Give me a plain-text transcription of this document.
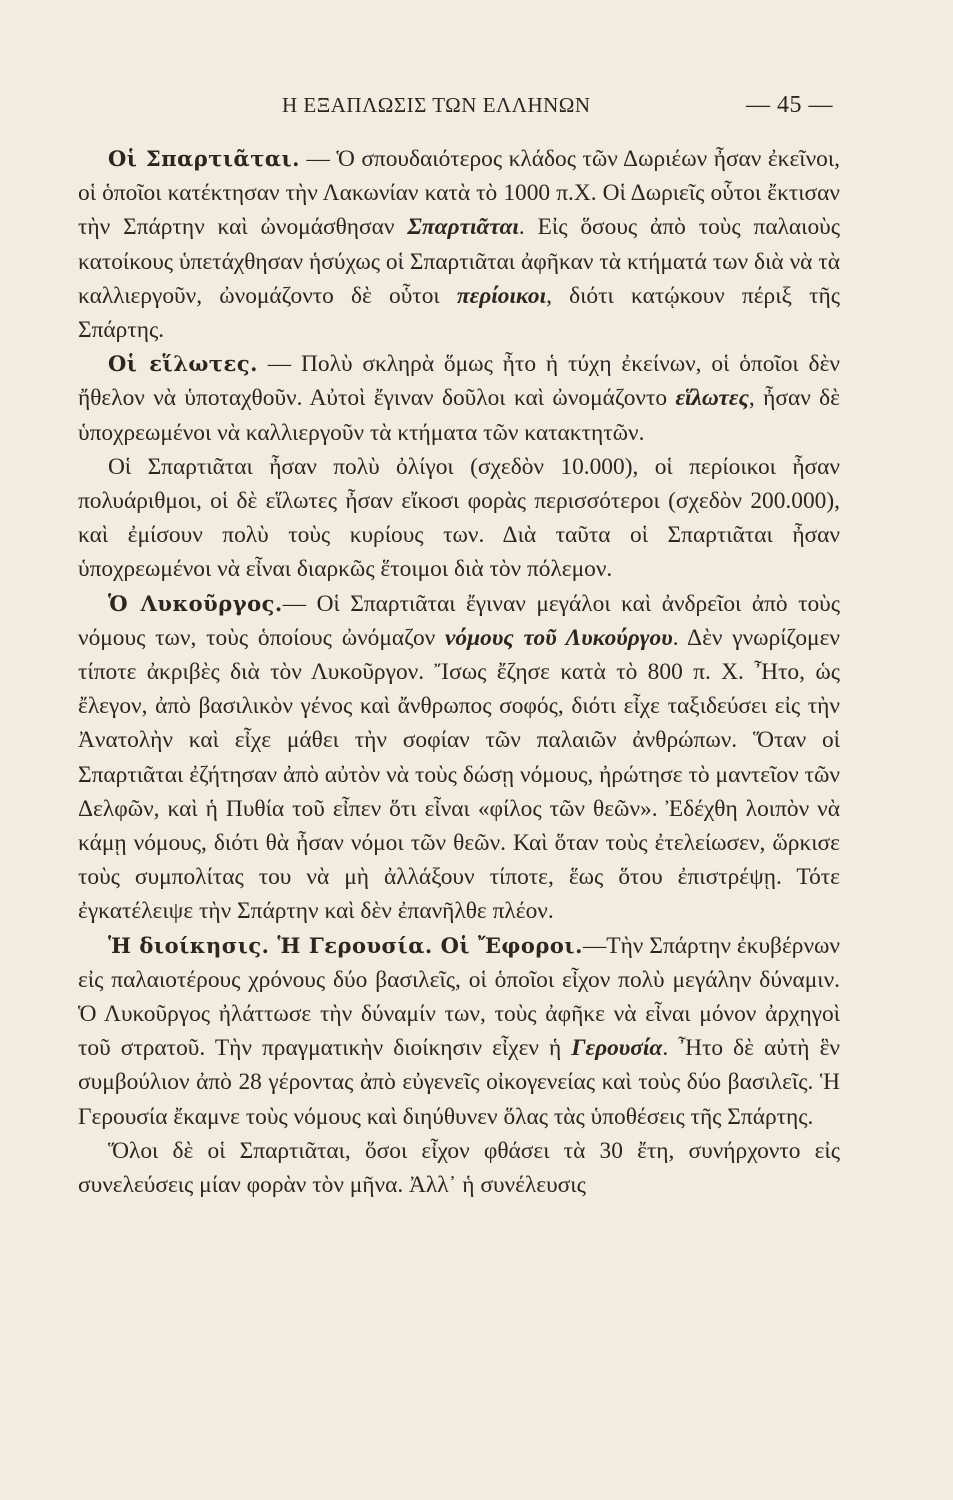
Η ΕΞΑΠΛΩΣΙΣ ΤΩΝ ΕΛΛΗΝΩΝ	— 45 —

Οἱ Σπαρτιᾶται. — Ὁ σπουδαιότερος κλάδος τῶν Δωριέων ἦσαν ἐκεῖνοι, οἱ ὁποῖοι κατέκτησαν τὴν Λακωνίαν κατὰ τὸ 1000 π.Χ. Οἱ Δωριεῖς οὗτοι ἔκτισαν τὴν Σπάρτην καὶ ὠνομάσθησαν Σπαρτιᾶται. Εἰς ὅσους ἀπὸ τοὺς παλαιοὺς κατοίκους ὑπετάχθησαν ἡσύχως οἱ Σπαρτιᾶται ἀφῆκαν τὰ κτήματά των διὰ νὰ τὰ καλλιεργοῦν, ὠνομάζοντο δὲ οὗτοι περίοικοι, διότι κατῴκουν πέριξ τῆς Σπάρτης.

Οἱ εἵλωτες. — Πολὺ σκληρὰ ὅμως ἦτο ἡ τύχη ἐκείνων, οἱ ὁποῖοι δὲν ἤθελον νὰ ὑποταχθοῦν. Αὐτοὶ ἔγιναν δοῦλοι καὶ ὠνομάζοντο εἵλωτες, ἦσαν δὲ ὑποχρεωμένοι νὰ καλλιεργοῦν τὰ κτήματα τῶν κατακτητῶν.

Οἱ Σπαρτιᾶται ἦσαν πολὺ ὀλίγοι (σχεδὸν 10.000), οἱ περίοικοι ἦσαν πολυάριθμοι, οἱ δὲ εἵλωτες ἦσαν εἴκοσι φορὰς περισσότεροι (σχεδὸν 200.000), καὶ ἐμίσουν πολὺ τοὺς κυρίους των. Διὰ ταῦτα οἱ Σπαρτιᾶται ἦσαν ὑποχρεωμένοι νὰ εἶναι διαρκῶς ἕτοιμοι διὰ τὸν πόλεμον.

Ὁ Λυκοῦργος.— Οἱ Σπαρτιᾶται ἔγιναν μεγάλοι καὶ ἀνδρεῖοι ἀπὸ τοὺς νόμους των, τοὺς ὁποίους ὠνόμαζον νόμους τοῦ Λυκούργου. Δὲν γνωρίζομεν τίποτε ἀκριβὲς διὰ τὸν Λυκοῦργον. Ἴσως ἔζησε κατὰ τὸ 800 π. Χ. Ἦτο, ὡς ἔλεγον, ἀπὸ βασιλικὸν γένος καὶ ἄνθρωπος σοφός, διότι εἶχε ταξιδεύσει εἰς τὴν Ἀνατολὴν καὶ εἶχε μάθει τὴν σοφίαν τῶν παλαιῶν ἀνθρώπων. Ὅταν οἱ Σπαρτιᾶται ἐζήτησαν ἀπὸ αὐτὸν νὰ τοὺς δώσῃ νόμους, ἠρώτησε τὸ μαντεῖον τῶν Δελφῶν, καὶ ἡ Πυθία τοῦ εἶπεν ὅτι εἶναι «φίλος τῶν θεῶν». Ἐδέχθη λοιπὸν νὰ κάμῃ νόμους, διότι θὰ ἦσαν νόμοι τῶν θεῶν. Καὶ ὅταν τοὺς ἐτελείωσεν, ὥρκισε τοὺς συμπολίτας του νὰ μὴ ἀλλάξουν τίποτε, ἕως ὅτου ἐπιστρέψῃ. Τότε ἐγκατέλειψε τὴν Σπάρτην καὶ δὲν ἐπανῆλθε πλέον.

Ἡ διοίκησις. Ἡ Γερουσία. Οἱ Ἔφοροι.—Τὴν Σπάρτην ἐκυβέρνων εἰς παλαιοτέρους χρόνους δύο βασιλεῖς, οἱ ὁποῖοι εἶχον πολὺ μεγάλην δύναμιν. Ὁ Λυκοῦργος ἠλάττωσε τὴν δύναμίν των, τοὺς ἀφῆκε νὰ εἶναι μόνον ἀρχηγοὶ τοῦ στρατοῦ. Τὴν πραγματικὴν διοίκησιν εἶχεν ἡ Γερουσία. Ἦτο δὲ αὐτὴ ἓν συμβούλιον ἀπὸ 28 γέροντας ἀπὸ εὐγενεῖς οἰκογενείας καὶ τοὺς δύο βασιλεῖς. Ἡ Γερουσία ἔκαμνε τοὺς νόμους καὶ διηύθυνεν ὅλας τὰς ὑποθέσεις τῆς Σπάρτης.

Ὅλοι δὲ οἱ Σπαρτιᾶται, ὅσοι εἶχον φθάσει τὰ 30 ἔτη, συνήρχοντο εἰς συνελεύσεις μίαν φορὰν τὸν μῆνα. Ἀλλ᾽ ἡ συνέλευσις
